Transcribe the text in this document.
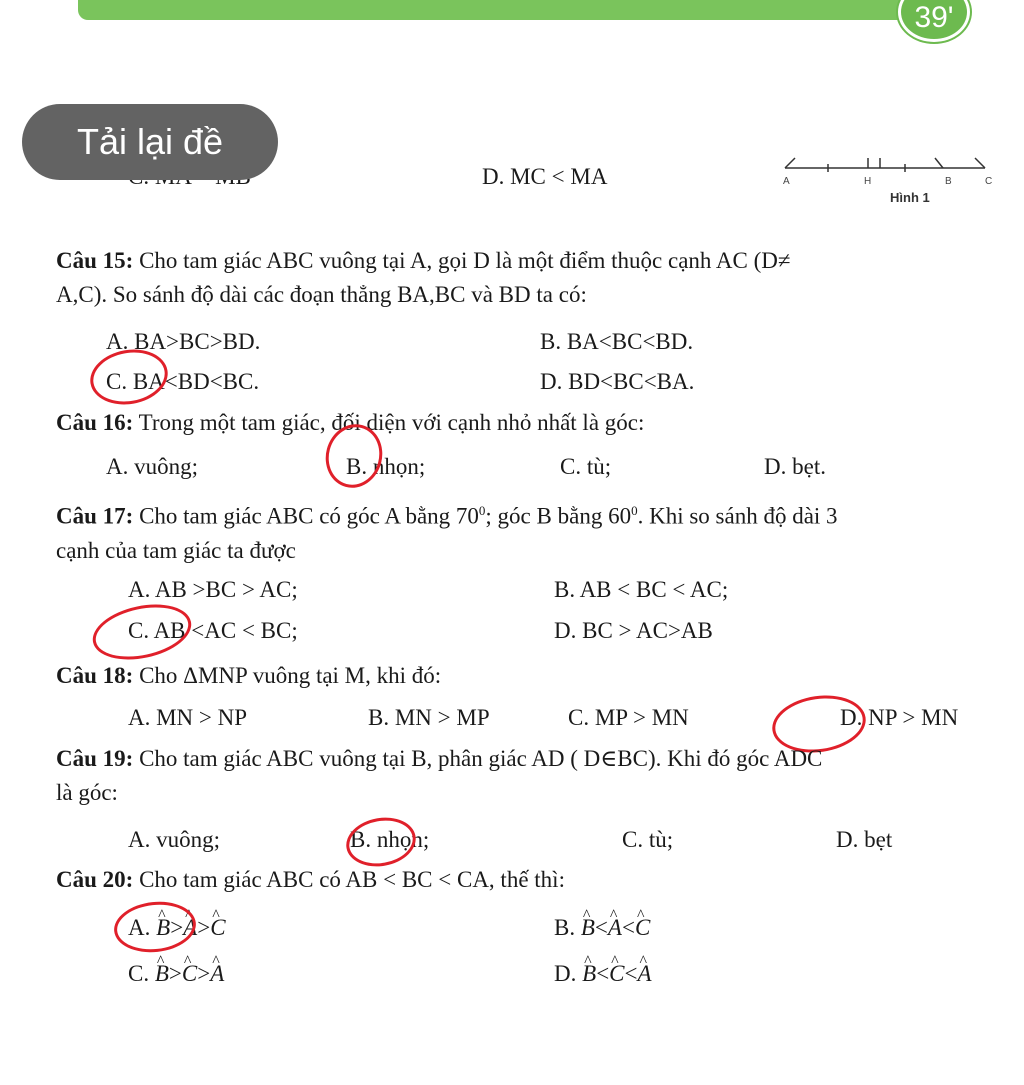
39'
Tải lại đề
D. MC < MA	A	H	B	C
Hình 1
Câu 15: Cho tam giác ABC vuông tại A, gọi D là một điểm thuộc cạnh AC (D≠
A,C). So sánh độ dài các đoạn thẳng BA,BC và BD ta có:
A. BA>BC>BD.	B. BA<BC<BD.
C. BA<BD<BC.	D. BD<BC<BA.
Câu 16: Trong một tam giác, đối diện với cạnh nhỏ nhất là góc:
A. vuông;	B. nhọn;	C. tù;	D. bẹt.
Câu 17: Cho tam giác ABC có góc A bằng $70^0$; góc B bằng $60^0$. Khi so sánh độ dài 3
cạnh của tam giác ta được
A. AB >BC > AC;	B. AB < BC < AC;
C. AB <AC < BC;	D. BC > AC>AB
Câu 18: Cho ΔMNP vuông tại M, khi đó:
A. MN > NP	B. MN > MP	C. MP > MN	D. NP > MN
Câu 19: Cho tam giác ABC vuông tại B, phân giác AD ( D∈BC). Khi đó góc ADC
là góc:
A. vuông;	B. nhọn;	C. tù;	D. bẹt
Câu 20: Cho tam giác ABC có AB < BC < CA, thế thì:
A. ^ B>^ A>^ C	B. ^ B<^ A<^ C
C. ^ B>^ C>^ A	D. ^ B<^ C<^ A
